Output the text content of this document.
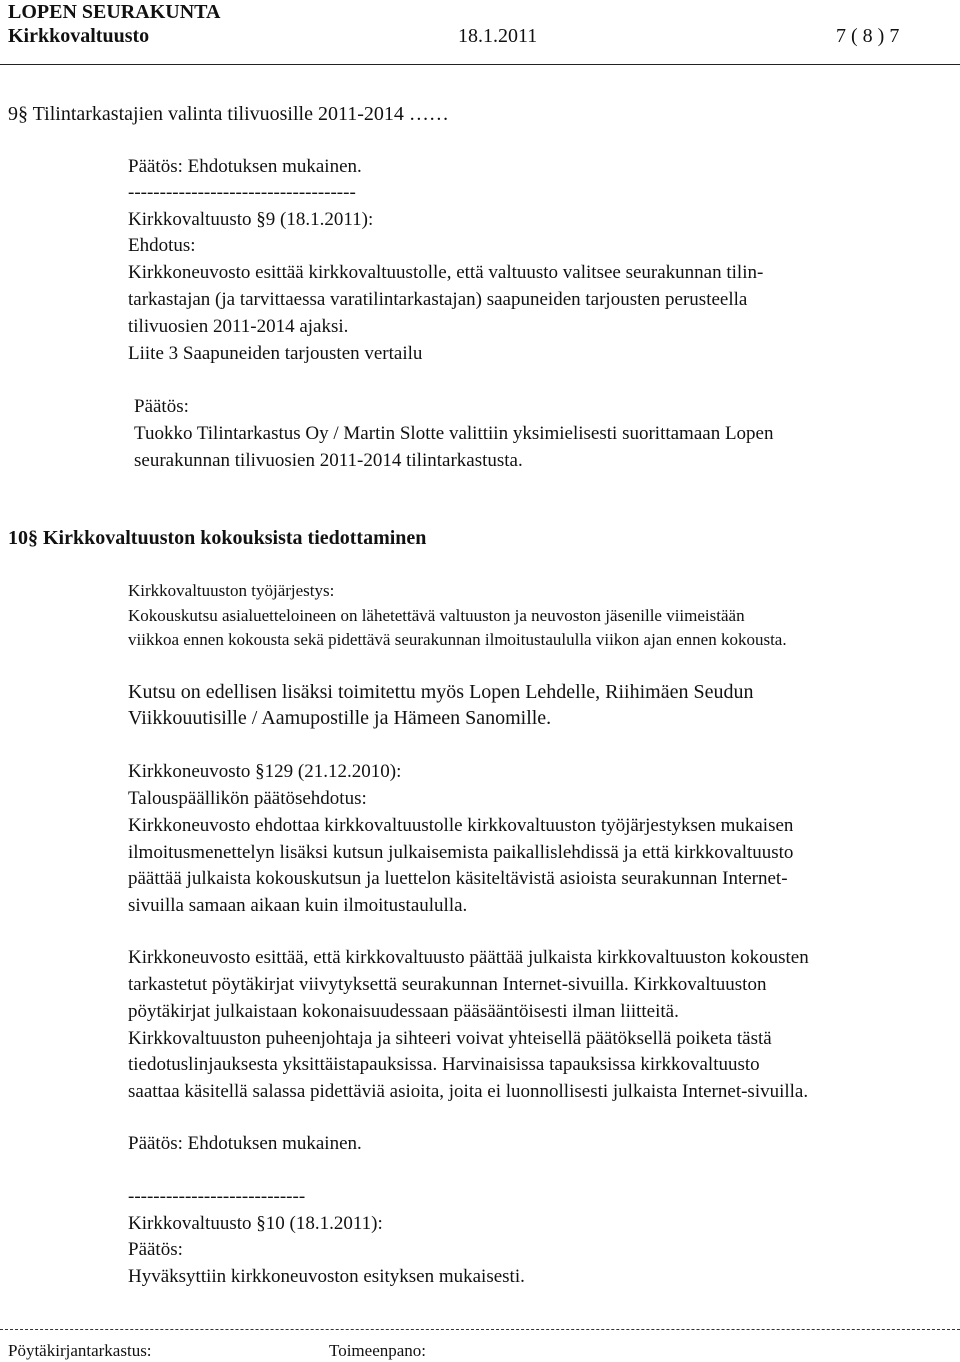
LOPEN SEURAKUNTA
Kirkkovaltuusto	18.1.2011	7 ( 8 ) 7
9§ Tilintarkastajien valinta tilivuosille 2011-2014 ……
Päätös: Ehdotuksen mukainen.
------------------------------------
Kirkkovaltuusto §9 (18.1.2011):
Ehdotus:
Kirkkoneuvosto esittää kirkkovaltuustolle, että valtuusto valitsee seurakunnan tilin-
tarkastajan (ja tarvittaessa varatilintarkastajan) saapuneiden tarjousten perusteella
tilivuosien 2011-2014 ajaksi.
Liite 3 Saapuneiden tarjousten vertailu
Päätös:
Tuokko Tilintarkastus Oy / Martin Slotte valittiin yksimielisesti suorittamaan Lopen
seurakunnan tilivuosien 2011-2014 tilintarkastusta.
10§ Kirkkovaltuuston kokouksista tiedottaminen
Kirkkovaltuuston työjärjestys:
Kokouskutsu asialuetteloineen on lähetettävä valtuuston ja neuvoston jäsenille viimeistään
viikkoa ennen kokousta sekä pidettävä seurakunnan ilmoitustaululla viikon ajan ennen kokousta.
Kutsu on edellisen lisäksi toimitettu myös Lopen Lehdelle, Riihimäen Seudun
Viikkouutisille / Aamupostille ja Hämeen Sanomille.
Kirkkoneuvosto §129 (21.12.2010):
Talouspäällikön päätösehdotus:
Kirkkoneuvosto ehdottaa kirkkovaltuustolle kirkkovaltuuston työjärjestyksen mukaisen
ilmoitusmenettelyn lisäksi kutsun julkaisemista paikallislehdissä ja että kirkkovaltuusto
päättää julkaista kokouskutsun ja luettelon käsiteltävistä asioista seurakunnan Internet-
sivuilla samaan aikaan kuin ilmoitustaululla.
Kirkkoneuvosto esittää, että kirkkovaltuusto päättää julkaista kirkkovaltuuston kokousten
tarkastetut pöytäkirjat viivytyksettä seurakunnan Internet-sivuilla. Kirkkovaltuuston
pöytäkirjat julkaistaan kokonaisuudessaan pääsääntöisesti ilman liitteitä.
Kirkkovaltuuston puheenjohtaja ja sihteeri voivat yhteisellä päätöksellä poiketa tästä
tiedotuslinjauksesta yksittäistapauksissa. Harvinaisissa tapauksissa kirkkovaltuusto
saattaa käsitellä salassa pidettäviä asioita, joita ei luonnollisesti julkaista Internet-sivuilla.
Päätös: Ehdotuksen mukainen.
----------------------------
Kirkkovaltuusto §10 (18.1.2011):
Päätös:
Hyväksyttiin kirkkoneuvoston esityksen mukaisesti.
Pöytäkirjantarkastus:	Toimeenpano:
